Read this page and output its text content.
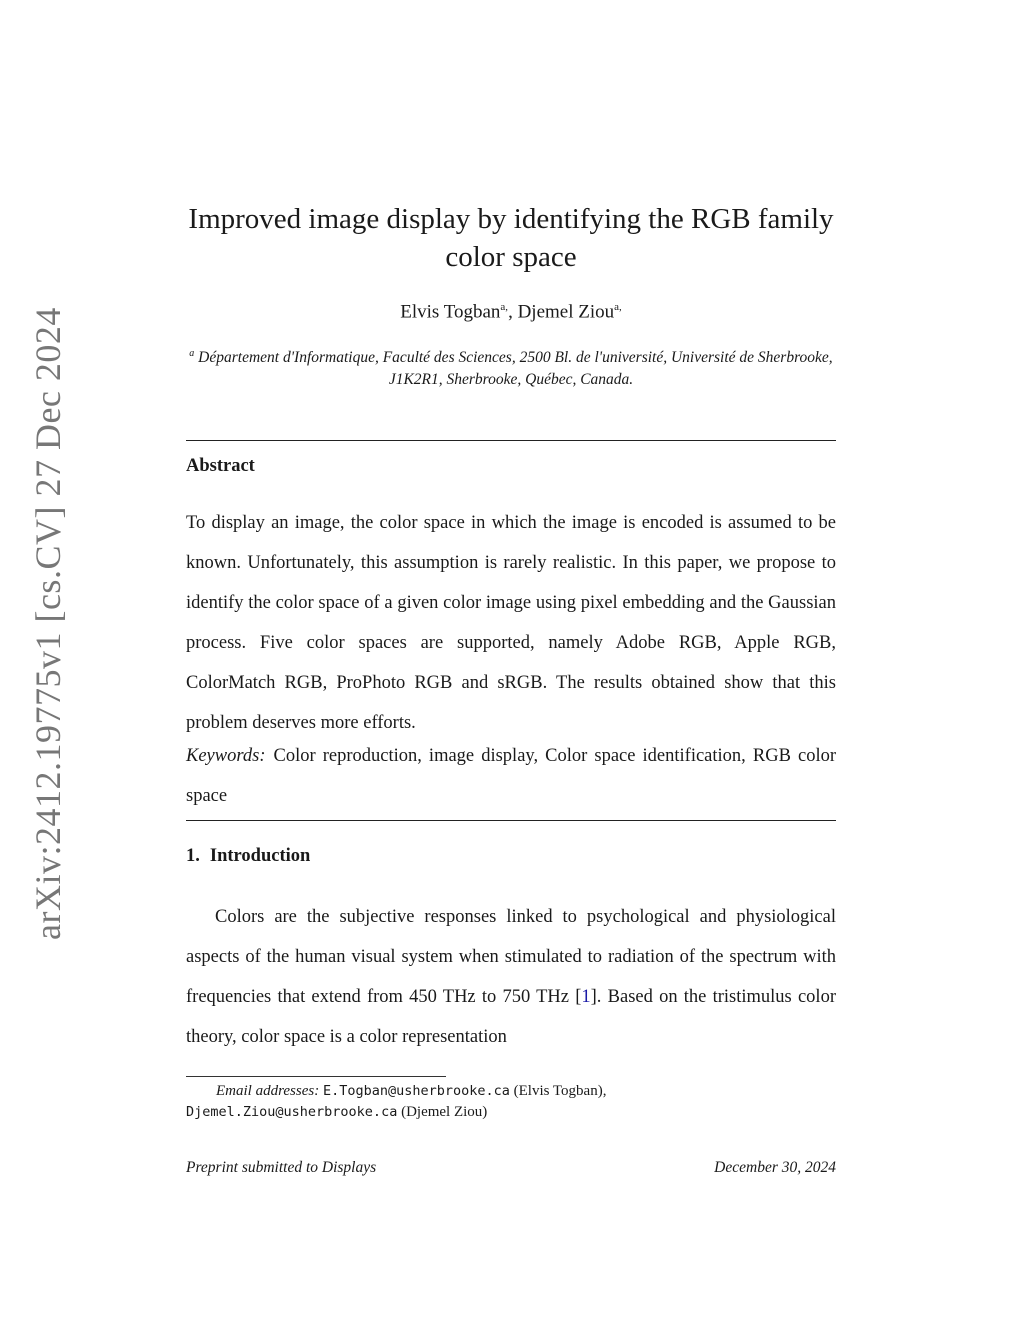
arXiv:2412.19775v1 [cs.CV] 27 Dec 2024
Improved image display by identifying the RGB family color space
Elvis Togban$^{a,}$, Djemel Ziou$^{a,}$
$^a$ Département d'Informatique, Faculté des Sciences, 2500 Bl. de l'université, Université de Sherbrooke, J1K2R1, Sherbrooke, Québec, Canada.
Abstract
To display an image, the color space in which the image is encoded is assumed to be known. Unfortunately, this assumption is rarely realistic. In this paper, we propose to identify the color space of a given color image using pixel embedding and the Gaussian process. Five color spaces are supported, namely Adobe RGB, Apple RGB, ColorMatch RGB, ProPhoto RGB and sRGB. The results obtained show that this problem deserves more efforts.
Keywords: Color reproduction, image display, Color space identification, RGB color space
1. Introduction
Colors are the subjective responses linked to psychological and physiological aspects of the human visual system when stimulated to radiation of the spectrum with frequencies that extend from 450 THz to 750 THz [1]. Based on the tristimulus color theory, color space is a color representation
Email addresses: E.Togban@usherbrooke.ca (Elvis Togban),
Djemel.Ziou@usherbrooke.ca (Djemel Ziou)
Preprint submitted to Displays	December 30, 2024
